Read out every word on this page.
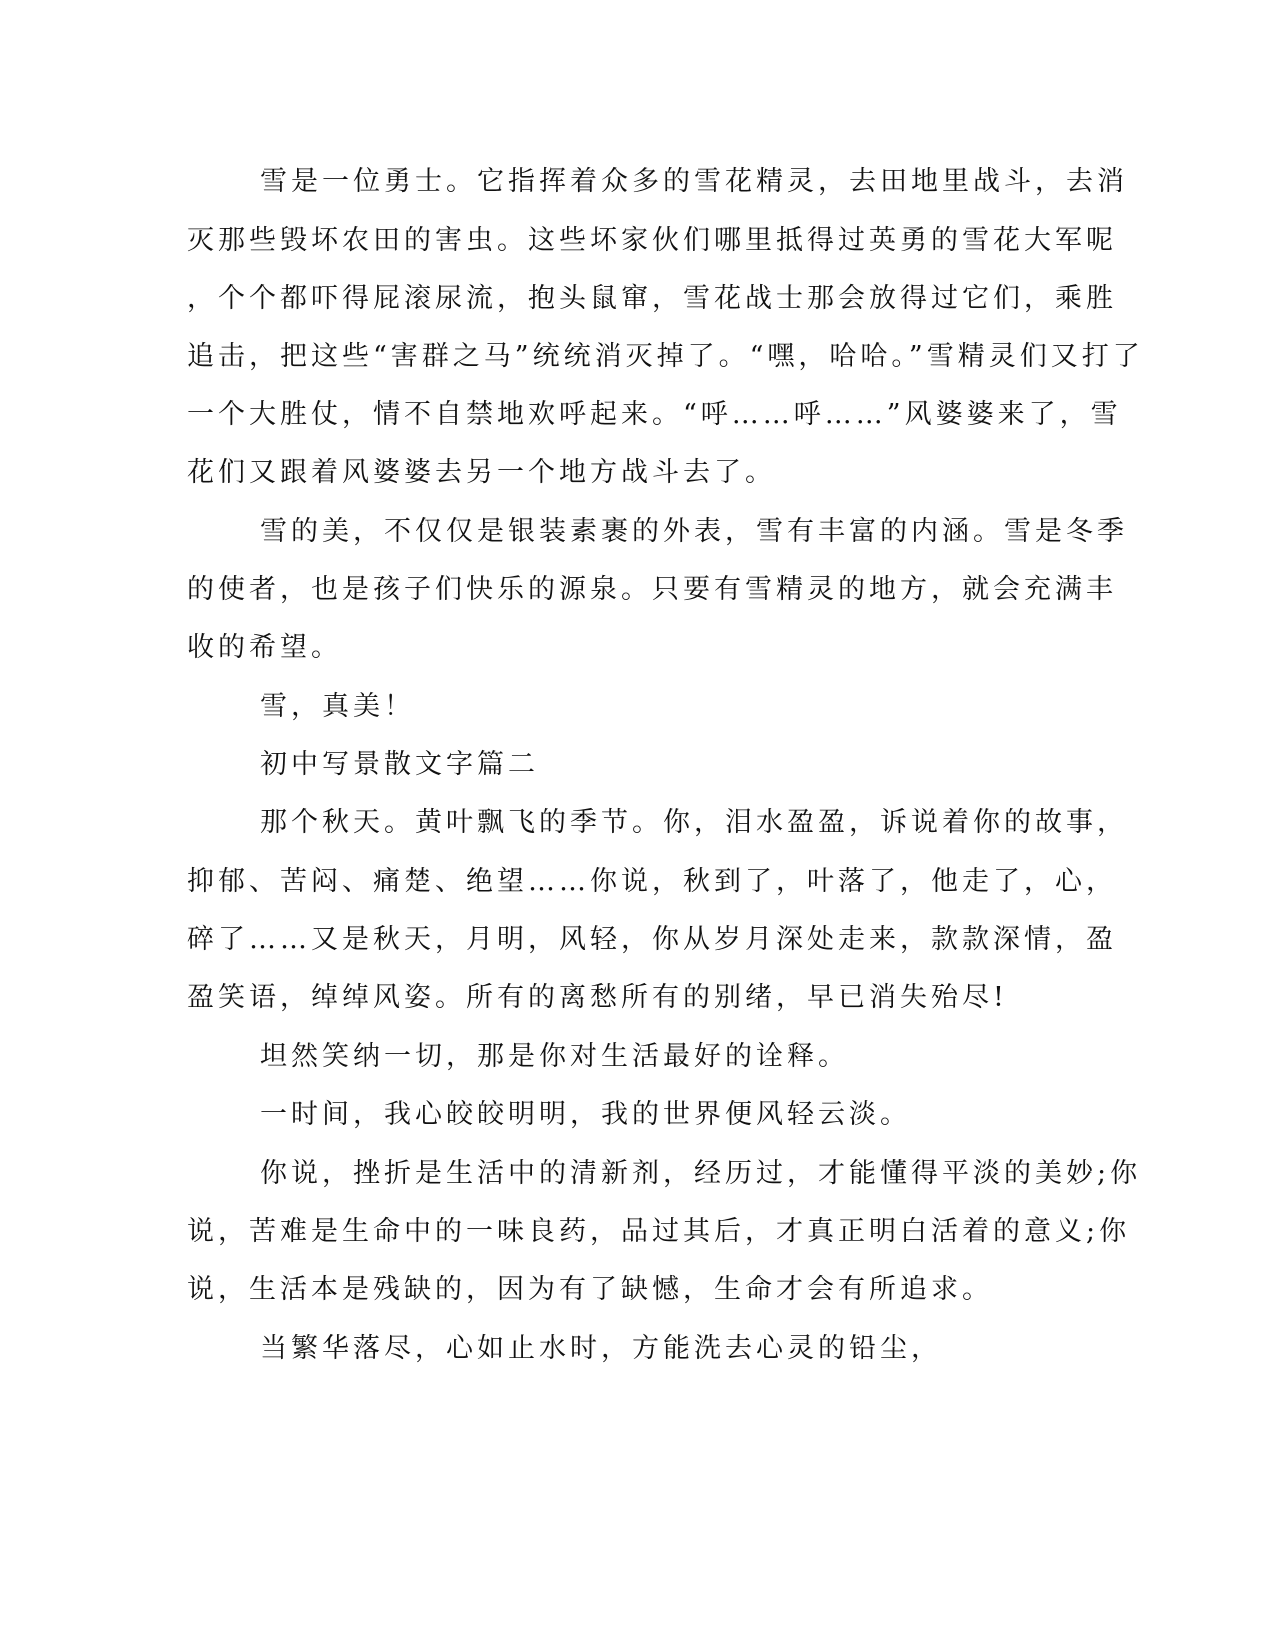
雪是一位勇士。它指挥着众多的雪花精灵，去田地里战斗，去消
灭那些毁坏农田的害虫。这些坏家伙们哪里抵得过英勇的雪花大军呢
，个个都吓得屁滚尿流，抱头鼠窜，雪花战士那会放得过它们，乘胜
追击，把这些“害群之马”统统消灭掉了。“嘿，哈哈。”雪精灵们又打了
一个大胜仗，情不自禁地欢呼起来。“呼……呼……”风婆婆来了，雪
花们又跟着风婆婆去另一个地方战斗去了。
雪的美，不仅仅是银装素裹的外表，雪有丰富的内涵。雪是冬季
的使者，也是孩子们快乐的源泉。只要有雪精灵的地方，就会充满丰
收的希望。
雪，真美！
初中写景散文字篇二
那个秋天。黄叶飘飞的季节。你，泪水盈盈，诉说着你的故事，
抑郁、苦闷、痛楚、绝望……你说，秋到了，叶落了，他走了，心，
碎了……又是秋天，月明，风轻，你从岁月深处走来，款款深情，盈
盈笑语，绰绰风姿。所有的离愁所有的别绪，早已消失殆尽!
坦然笑纳一切，那是你对生活最好的诠释。
一时间，我心皎皎明明，我的世界便风轻云淡。
你说，挫折是生活中的清新剂，经历过，才能懂得平淡的美妙;你
说，苦难是生命中的一味良药，品过其后，才真正明白活着的意义;你
说，生活本是残缺的，因为有了缺憾，生命才会有所追求。
当繁华落尽，心如止水时，方能洗去心灵的铅尘，
